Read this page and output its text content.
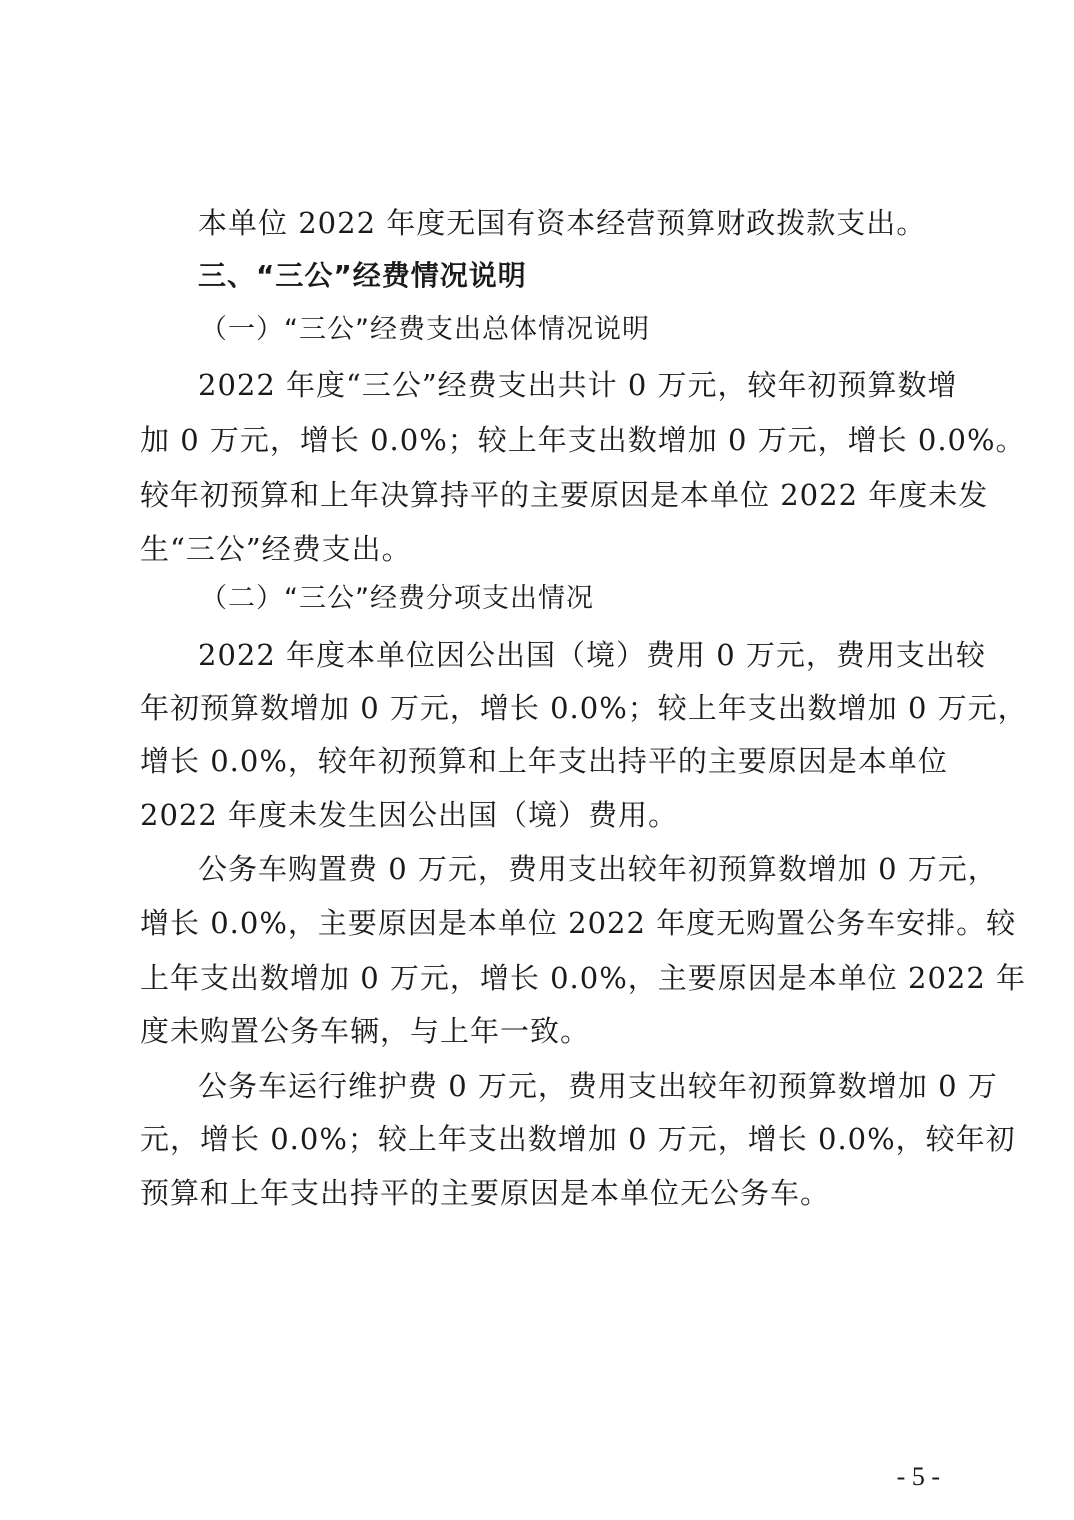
本单位 2022 年度无国有资本经营预算财政拨款支出。
三、“三公”经费情况说明
（一）“三公”经费支出总体情况说明
2022 年度“三公”经费支出共计 0 万元，较年初预算数增
加 0 万元，增长 0.0%；较上年支出数增加 0 万元，增长 0.0%。
较年初预算和上年决算持平的主要原因是本单位 2022 年度未发
生“三公”经费支出。
（二）“三公”经费分项支出情况
2022 年度本单位因公出国（境）费用 0 万元，费用支出较
年初预算数增加 0 万元，增长 0.0%；较上年支出数增加 0 万元，
增长 0.0%，较年初预算和上年支出持平的主要原因是本单位
2022 年度未发生因公出国（境）费用。
公务车购置费 0 万元，费用支出较年初预算数增加 0 万元，
增长 0.0%，主要原因是本单位 2022 年度无购置公务车安排。较
上年支出数增加 0 万元，增长 0.0%，主要原因是本单位 2022 年
度未购置公务车辆，与上年一致。
公务车运行维护费 0 万元，费用支出较年初预算数增加 0 万
元，增长 0.0%；较上年支出数增加 0 万元，增长 0.0%，较年初
预算和上年支出持平的主要原因是本单位无公务车。
- 5 -
